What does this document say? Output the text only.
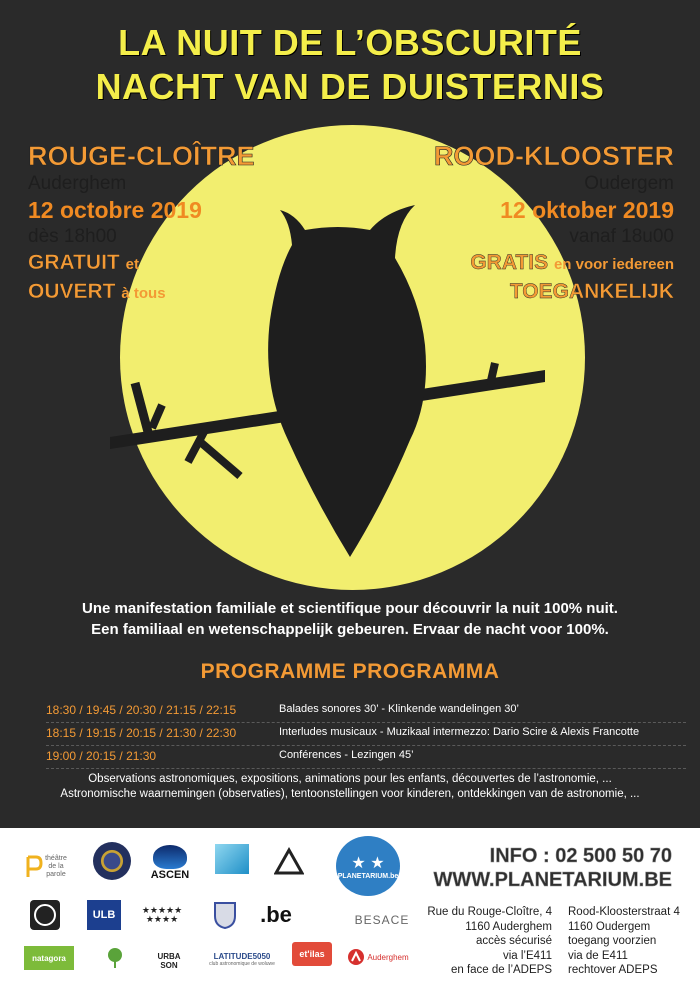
LA NUIT DE L’OBSCURITÉ
NACHT VAN DE DUISTERNIS
ROUGE-CLOÎTRE
Auderghem
12 octobre 2019
dès 18h00
GRATUIT et
OUVERT à tous
ROOD-KLOOSTER
Oudergem
12 oktober 2019
vanaf 18u00
GRATIS en voor iedereen
TOEGANKELIJK
Une manifestation familiale et scientifique pour découvrir la nuit 100% nuit.
Een familiaal en wetenschappelijk gebeuren. Ervaar de nacht voor 100%.
PROGRAMME PROGRAMMA
18:30 / 19:45 / 20:30 / 21:15 / 22:15	Balades sonores 30’ - Klinkende wandelingen 30’
18:15 / 19:15 / 20:15 / 21:30 / 22:30	Interludes musicaux - Muzikaal intermezzo: Dario Scire & Alexis Francotte
19:00 / 20:15 / 21:30	Conférences - Lezingen 45’
Observations astronomiques, expositions, animations pour les enfants, découvertes de l’astronomie, ...
Astronomische waarnemingen (observaties), tentoonstellingen voor kinderen, ontdekkingen van de astronomie, ...
théâtre de la parole	ASCEN
★ ★
PLANETARIUM.be
INFO : 02 500 50 70
WWW.PLANETARIUM.BE
ULB	★★★★★
★★★★	.be	BESACE
natagora	URBA
SON
LATITUDE5050
club astronomique de woluwe
et'ilas	Auderghem
Rue du Rouge-Cloître, 4
1160 Auderghem
accès sécurisé
via l’E411
en face de l’ADEPS
Rood-Kloosterstraat 4
1160 Oudergem
toegang voorzien
via de E411
rechtover ADEPS
